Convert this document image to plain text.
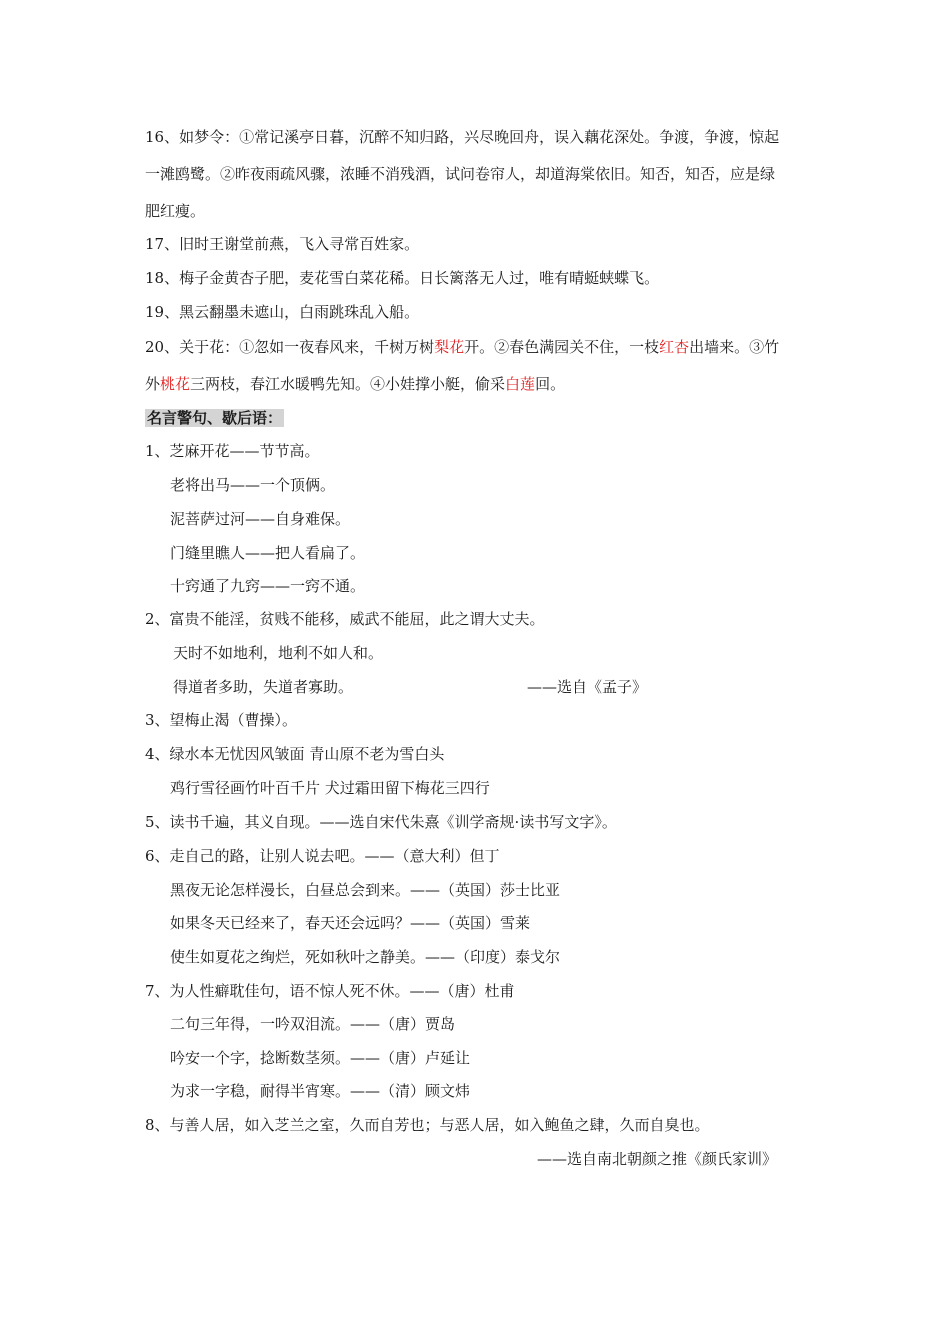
16、如梦令：①常记溪亭日暮，沉醉不知归路，兴尽晚回舟，误入藕花深处。争渡，争渡，惊起
一滩鸥鹭。②昨夜雨疏风骤，浓睡不消残酒，试问卷帘人，却道海棠依旧。知否，知否，应是绿
肥红瘦。
17、旧时王谢堂前燕，飞入寻常百姓家。
18、梅子金黄杏子肥，麦花雪白菜花稀。日长篱落无人过，唯有晴蜓蛱蝶飞。
19、黑云翻墨未遮山，白雨跳珠乱入船。
20、关于花：①忽如一夜春风来，千树万树梨花开。②春色满园关不住，一枝红杏出墙来。③竹
外桃花三两枝，春江水暖鸭先知。④小娃撑小艇，偷采白莲回。
名言警句、歇后语：
1、芝麻开花——节节高。
老将出马——一个顶俩。
泥菩萨过河——自身难保。
门缝里瞧人——把人看扁了。
十窍通了九窍——一窍不通。
2、富贵不能淫，贫贱不能移，威武不能屈，此之谓大丈夫。
天时不如地利，地利不如人和。
得道者多助，失道者寡助。	——选自《孟子》
3、望梅止渴（曹操）。
4、绿水本无忧因风皱面 青山原不老为雪白头
鸡行雪径画竹叶百千片 犬过霜田留下梅花三四行
5、读书千遍，其义自现。——选自宋代朱熹《训学斋规·读书写文字》。
6、走自己的路，让别人说去吧。——（意大利）但丁
黑夜无论怎样漫长，白昼总会到来。——（英国）莎士比亚
如果冬天已经来了，春天还会远吗？——（英国）雪莱
使生如夏花之绚烂，死如秋叶之静美。——（印度）泰戈尔
7、为人性癖耽佳句，语不惊人死不休。——（唐）杜甫
二句三年得，一吟双泪流。——（唐）贾岛
吟安一个字，捻断数茎须。——（唐）卢延让
为求一字稳，耐得半宵寒。——（清）顾文炜
8、与善人居，如入芝兰之室，久而自芳也；与恶人居，如入鲍鱼之肆，久而自臭也。
——选自南北朝颜之推《颜氏家训》
